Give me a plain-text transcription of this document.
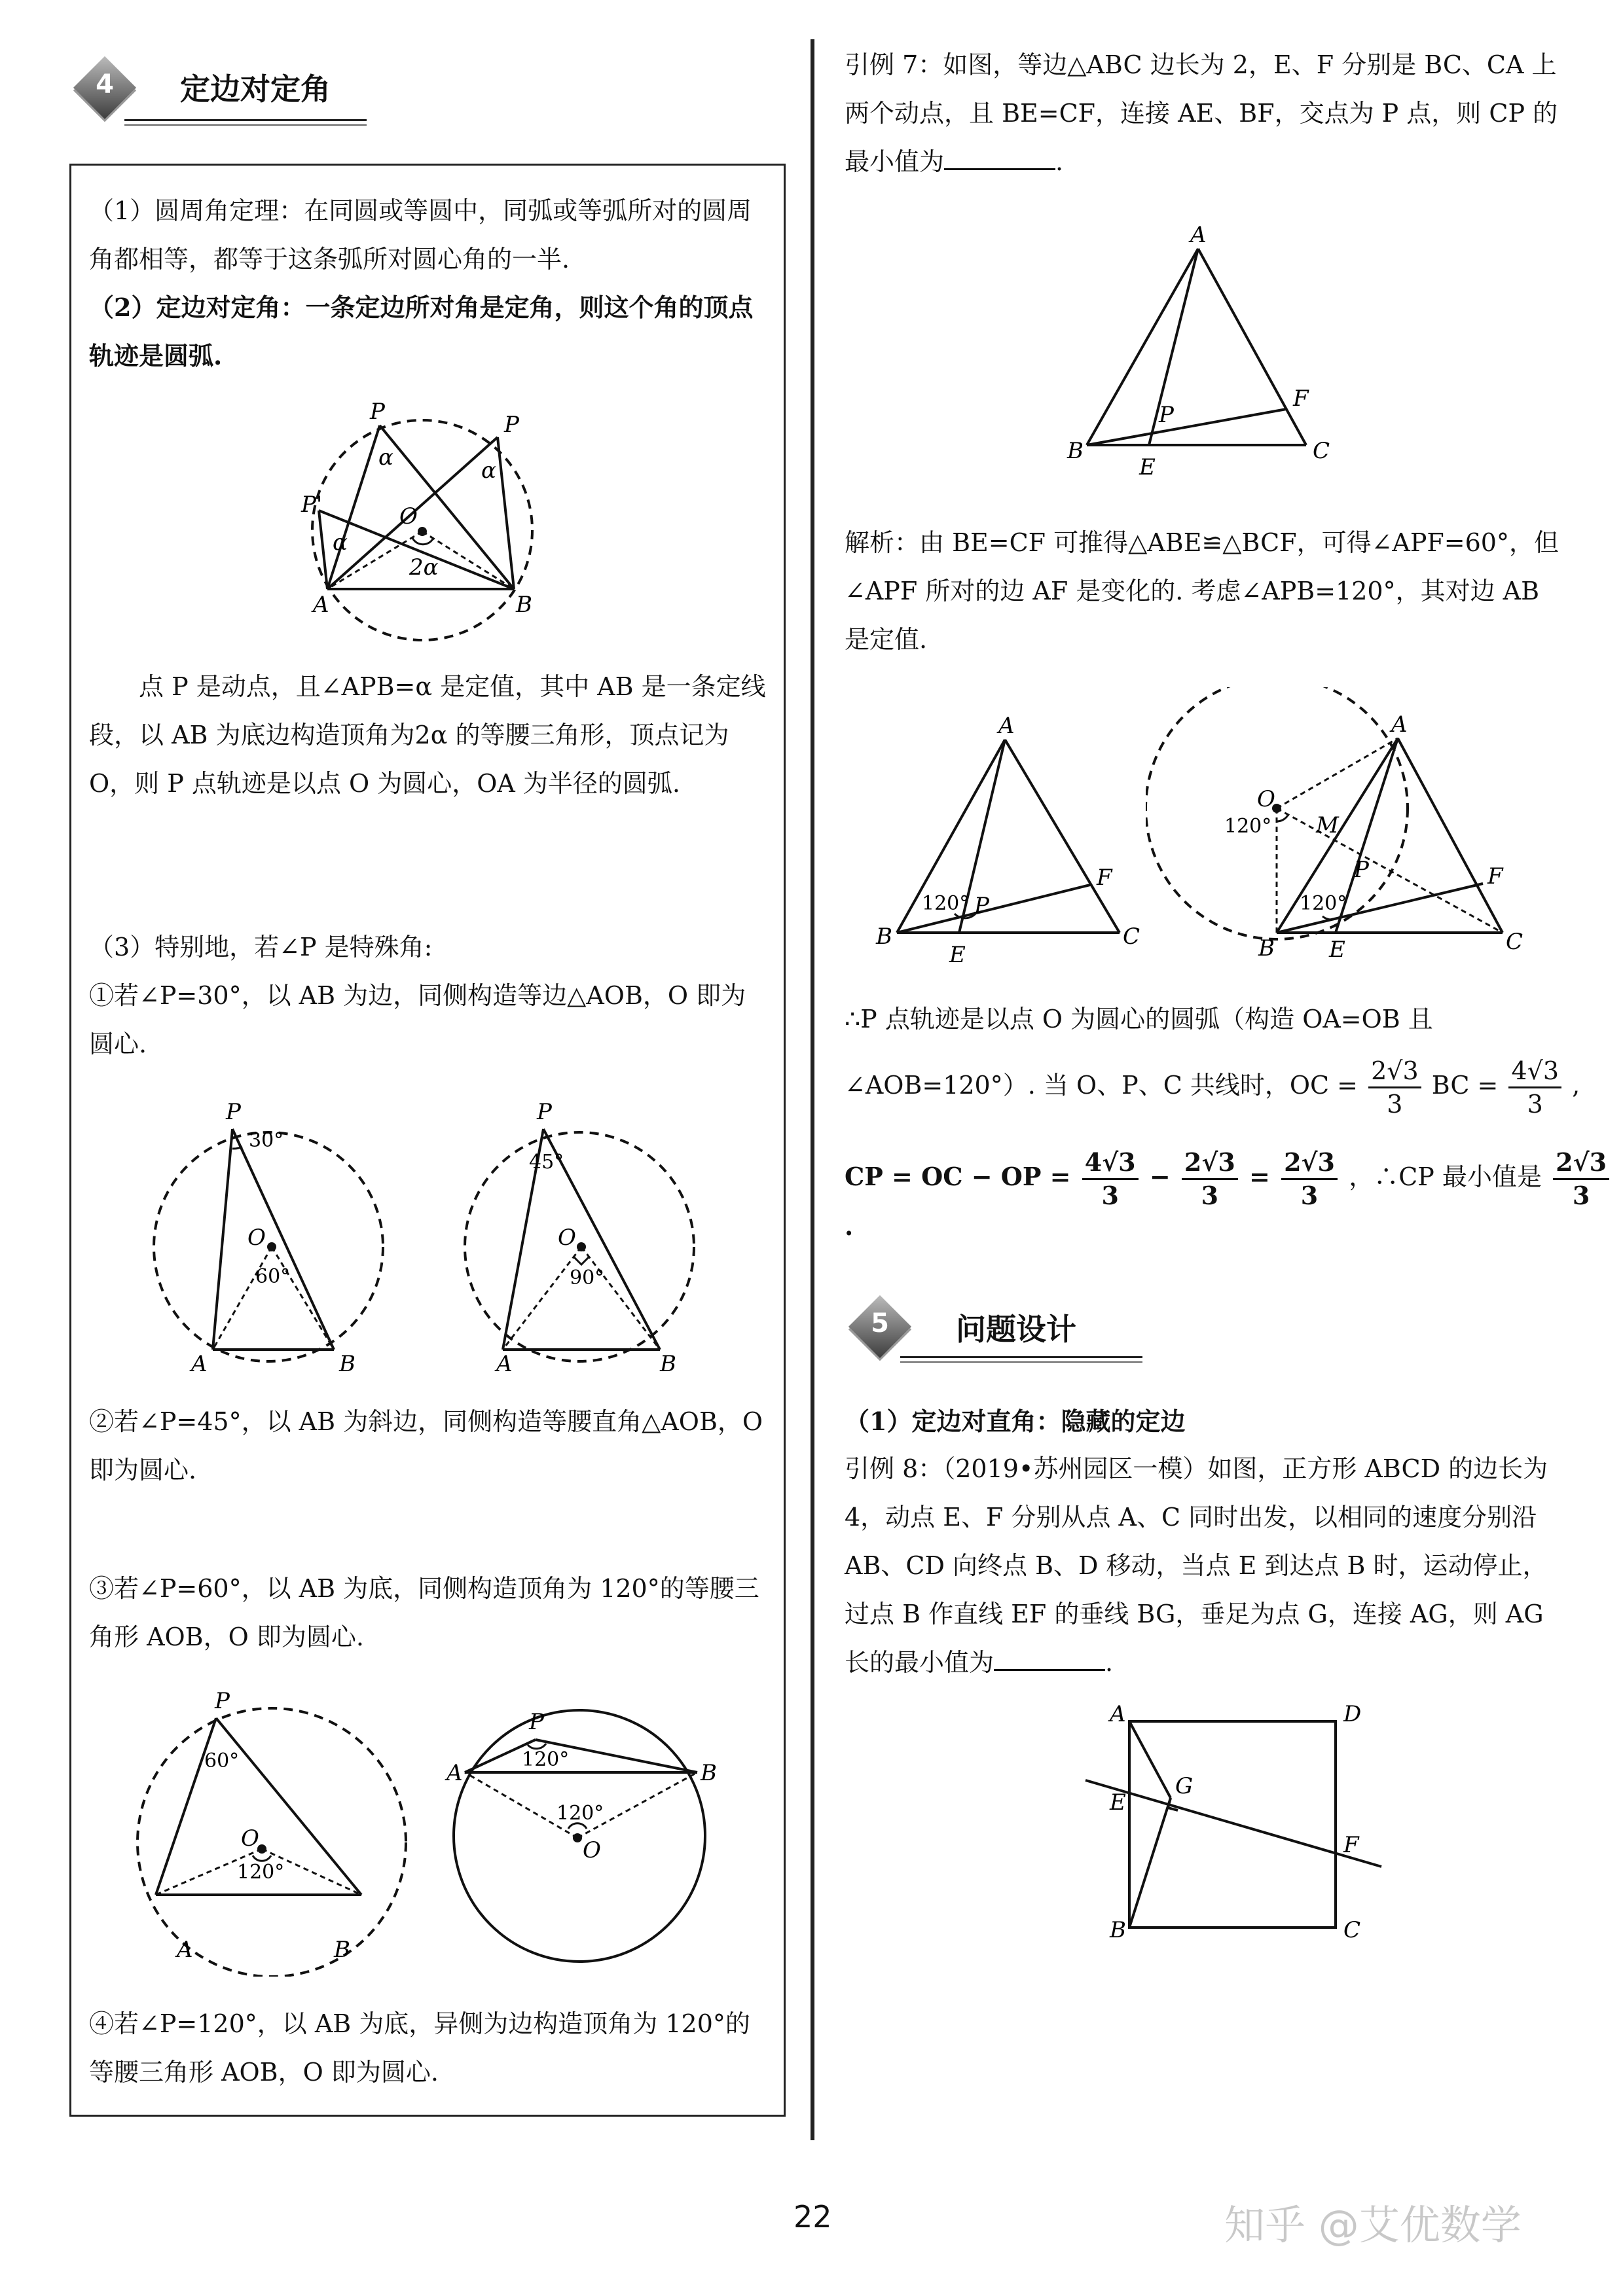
4	定边对定角

（1）圆周角定理：在同圆或等圆中，同弧或等弧所对的圆周角都相等，都等于这条弧所对圆心角的一半.

（2）定边对定角：一条定边所对角是定角，则这个角的顶点轨迹是圆弧.

P	P
P'	O
α	α
α
2α
A	B

点 P 是动点，且∠APB=α 是定值，其中 AB 是一条定线段，以 AB 为底边构造顶角为2α 的等腰三角形，顶点记为 O，则 P 点轨迹是以点 O 为圆心，OA 为半径的圆弧.

（3）特别地，若∠P 是特殊角:

①若∠P=30°，以 AB 为边，同侧构造等边△AOB，O 即为圆心.

P
30°
O
60°
A	B
P
45°
O
90°
A	B

②若∠P=45°，以 AB 为斜边，同侧构造等腰直角△AOB，O 即为圆心.

③若∠P=60°，以 AB 为底，同侧构造顶角为 120°的等腰三角形 AOB，O 即为圆心.

P
60°
O
120°
A	B
P
120°
A	B
120°
O

④若∠P=120°，以 AB 为底，异侧为边构造顶角为 120°的等腰三角形 AOB，O 即为圆心.

引例 7：如图，等边△ABC 边长为 2，E、F 分别是 BC、CA 上两个动点，且 BE=CF，连接 AE、BF，交点为 P 点，则 CP 的最小值为	.

A
B	C
E
F
P

解析：由 BE=CF 可推得△ABE≌△BCF，可得∠APF=60°，但∠APF 所对的边 AF 是变化的. 考虑∠APB=120°，其对边 AB 是定值.

A
B	C
E
F
P
120°
A
B	C
E
F
O
M
P
120°
120°

∴P 点轨迹是以点 O 为圆心的圆弧（构造 OA=OB 且

∠AOB=120°）. 当 O、P、C 共线时，OC = $\frac{2√3}{3}$ BC = $\frac{4√3}{3}$ ,
CP = OC − OP = $\frac{4√3}{3} - \frac{2√3}{3} = \frac{2√3}{3}$ ，∴CP 最小值是 $\frac{2√3}{3}$
.
5	问题设计

（1）定边对直角：隐藏的定边

引例 8：（2019•苏州园区一模）如图，正方形 ABCD 的边长为 4，动点 E、F 分别从点 A、C 同时出发，以相同的速度分别沿 AB、CD 向终点 B、D 移动，当点 E 到达点 B 时，运动停止，过点 B 作直线 EF 的垂线 BG，垂足为点 G，连接 AG，则 AG 长的最小值为	.

A	D
B	C
E
F
G
22	知乎 @艾优数学
